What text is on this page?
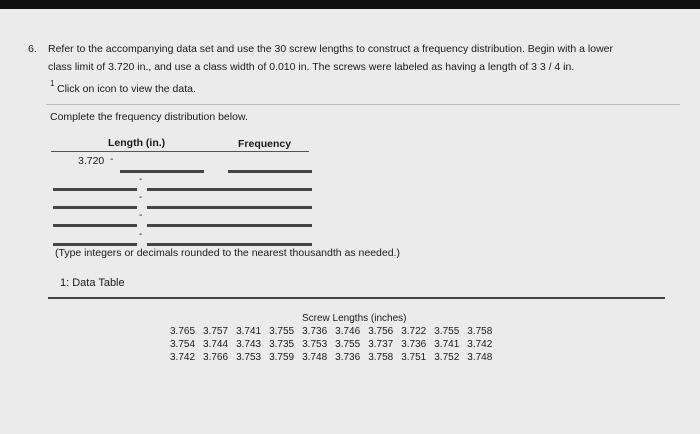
6. Refer to the accompanying data set and use the 30 screw lengths to construct a frequency distribution. Begin with a lower
class limit of 3.720 in., and use a class width of 0.010 in. The screws were labeled as having a length of 3 3 / 4 in.
1 Click on icon to view the data.
Complete the frequency distribution below.
Length (in.)	Frequency
3.720 -
-
-
-
-
(Type integers or decimals rounded to the nearest thousandth as needed.)
1: Data Table
Screw Lengths (inches)
3.765	3.757	3.741	3.755	3.736	3.746	3.756	3.722	3.755	3.758
3.754	3.744	3.743	3.735	3.753	3.755	3.737	3.736	3.741	3.742
3.742	3.766	3.753	3.759	3.748	3.736	3.758	3.751	3.752	3.748
